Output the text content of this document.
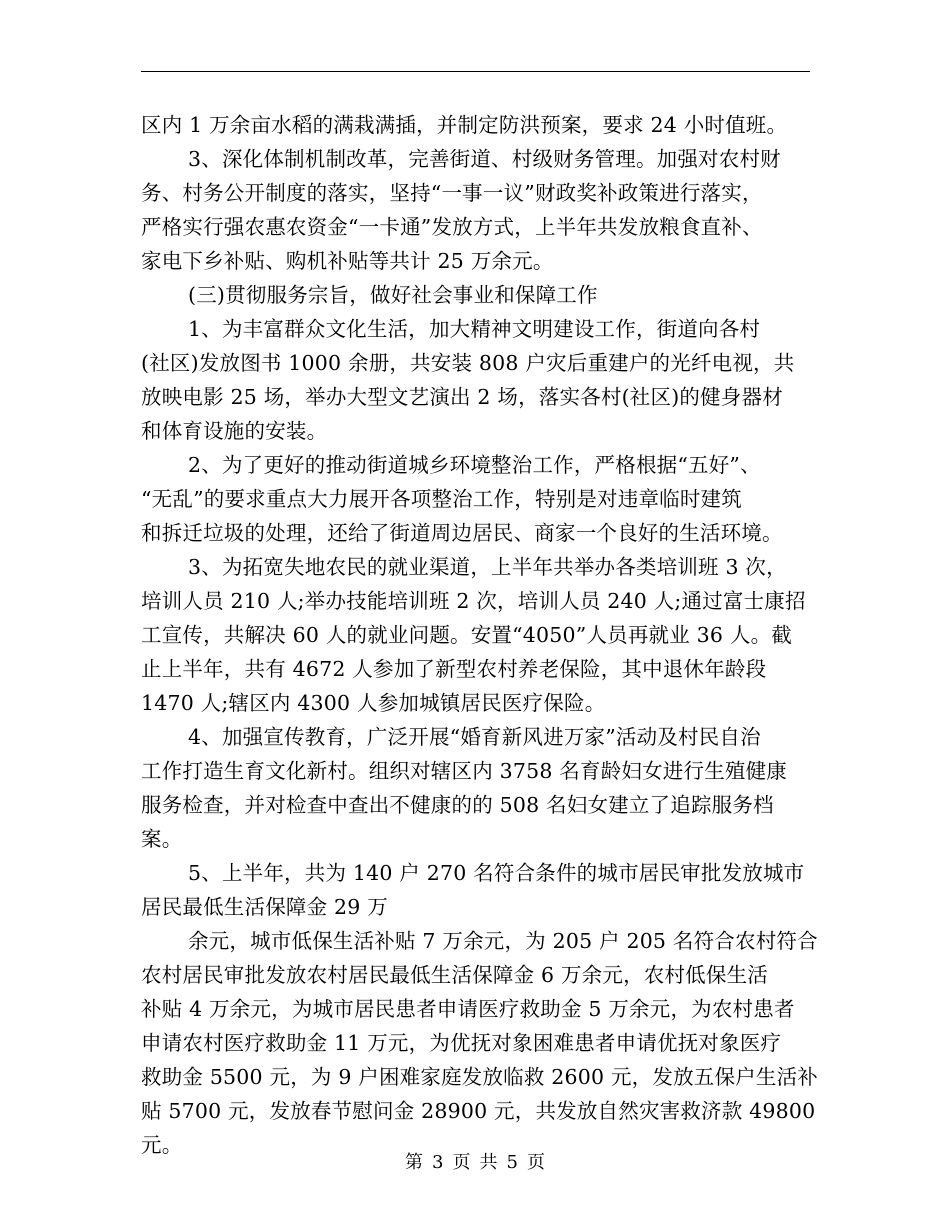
区内 1 万余亩水稻的满栽满插，并制定防洪预案，要求 24 小时值班。
3、深化体制机制改革，完善街道、村级财务管理。加强对农村财
务、村务公开制度的落实，坚持“一事一议”财政奖补政策进行落实，
严格实行强农惠农资金“一卡通”发放方式，上半年共发放粮食直补、
家电下乡补贴、购机补贴等共计 25 万余元。
(三)贯彻服务宗旨，做好社会事业和保障工作
1、为丰富群众文化生活，加大精神文明建设工作，街道向各村
(社区)发放图书 1000 余册，共安装 808 户灾后重建户的光纤电视，共
放映电影 25 场，举办大型文艺演出 2 场，落实各村(社区)的健身器材
和体育设施的安装。
2、为了更好的推动街道城乡环境整治工作，严格根据“五好”、
“无乱”的要求重点大力展开各项整治工作，特别是对违章临时建筑
和拆迁垃圾的处理，还给了街道周边居民、商家一个良好的生活环境。
3、为拓宽失地农民的就业渠道，上半年共举办各类培训班 3 次，
培训人员 210 人;举办技能培训班 2 次，培训人员 240 人;通过富士康招
工宣传，共解决 60 人的就业问题。安置“4050”人员再就业 36 人。截
止上半年，共有 4672 人参加了新型农村养老保险，其中退休年龄段
1470 人;辖区内 4300 人参加城镇居民医疗保险。
4、加强宣传教育，广泛开展“婚育新风进万家”活动及村民自治
工作打造生育文化新村。组织对辖区内 3758 名育龄妇女进行生殖健康
服务检查，并对检查中查出不健康的的 508 名妇女建立了追踪服务档
案。
5、上半年，共为 140 户 270 名符合条件的城市居民审批发放城市
居民最低生活保障金 29 万
余元，城市低保生活补贴 7 万余元，为 205 户 205 名符合农村符合
农村居民审批发放农村居民最低生活保障金 6 万余元，农村低保生活
补贴 4 万余元，为城市居民患者申请医疗救助金 5 万余元，为农村患者
申请农村医疗救助金 11 万元，为优抚对象困难患者申请优抚对象医疗
救助金 5500 元，为 9 户困难家庭发放临救 2600 元，发放五保户生活补
贴 5700 元，发放春节慰问金 28900 元，共发放自然灾害救济款 49800
元。
第 3 页 共 5 页
